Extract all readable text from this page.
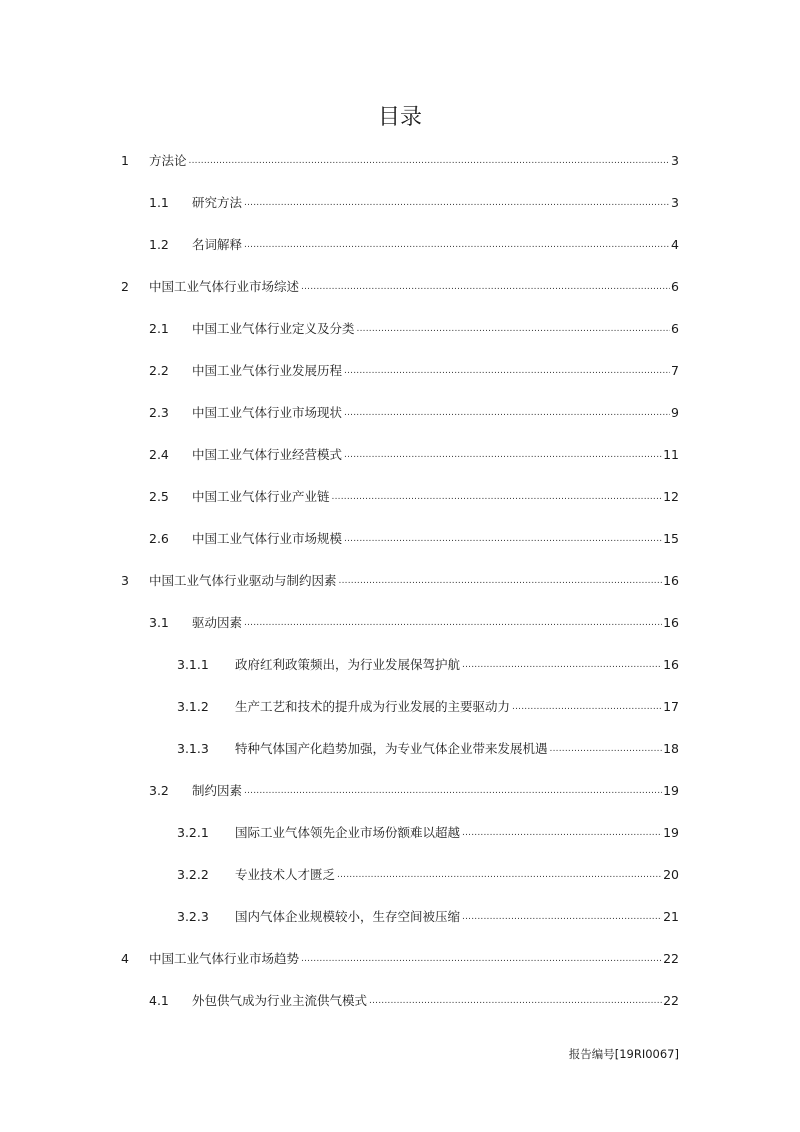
目录
1	方法论 .....	3
1.1	研究方法 .....	3
1.2	名词解释 .....	4
2	中国工业气体行业市场综述 .....	6
2.1	中国工业气体行业定义及分类 .....	6
2.2	中国工业气体行业发展历程 .....	7
2.3	中国工业气体行业市场现状 .....	9
2.4	中国工业气体行业经营模式 .....	11
2.5	中国工业气体行业产业链 .....	12
2.6	中国工业气体行业市场规模 .....	15
3	中国工业气体行业驱动与制约因素 .....	16
3.1	驱动因素 .....	16
3.1.1	政府红利政策频出，为行业发展保驾护航 .....	16
3.1.2	生产工艺和技术的提升成为行业发展的主要驱动力 .....	17
3.1.3	特种气体国产化趋势加强，为专业气体企业带来发展机遇 .....	18
3.2	制约因素 .....	19
3.2.1	国际工业气体领先企业市场份额难以超越 .....	19
3.2.2	专业技术人才匮乏 .....	20
3.2.3	国内气体企业规模较小，生存空间被压缩 .....	21
4	中国工业气体行业市场趋势 .....	22
4.1	外包供气成为行业主流供气模式 .....	22
报告编号[19RI0067]
